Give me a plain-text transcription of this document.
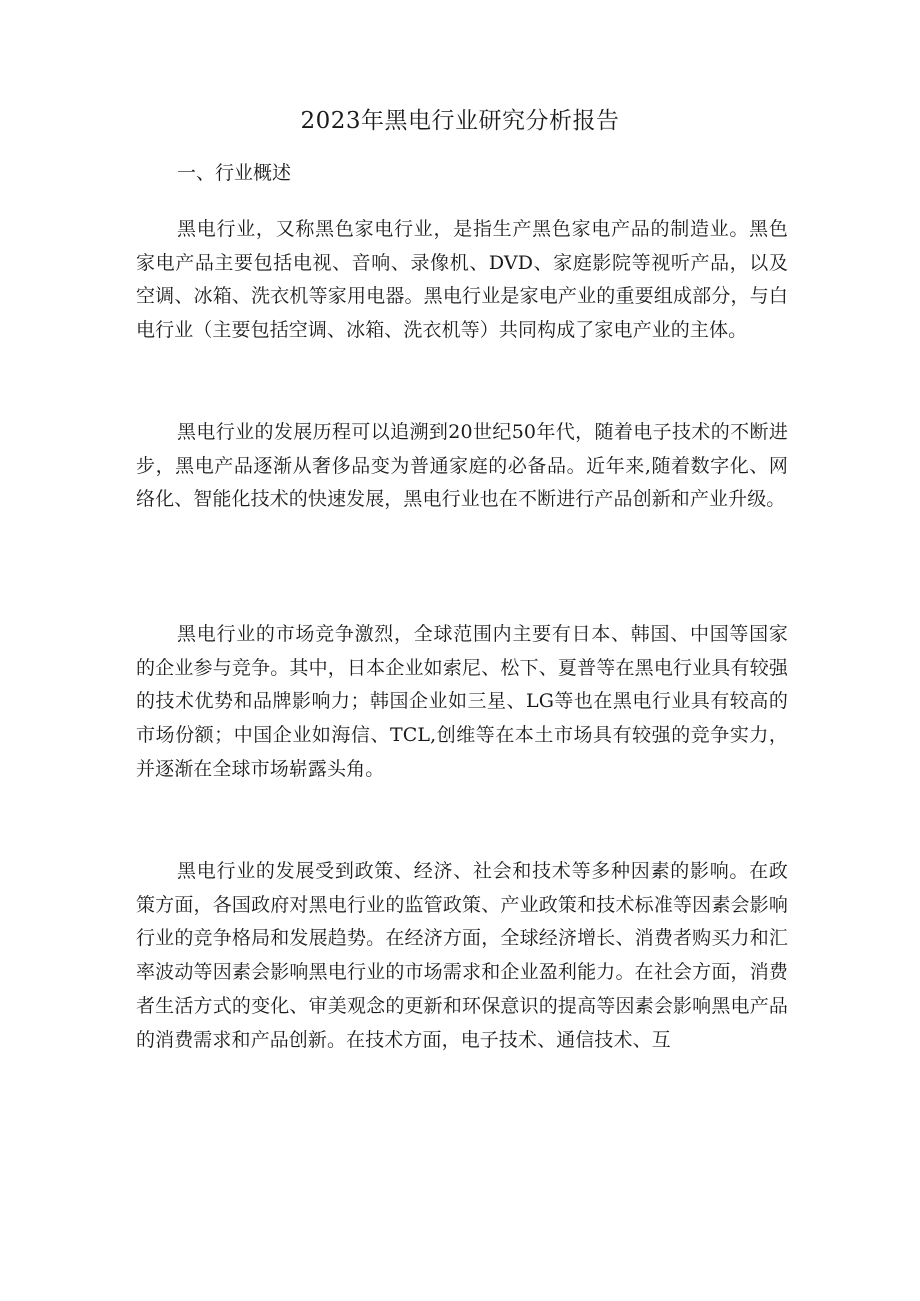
2023年黑电行业研究分析报告
一、行业概述

黑电行业，又称黑色家电行业，是指生产黑色家电产品的制造业。黑色家电产品主要包括电视、音响、录像机、DVD、家庭影院等视听产品，以及空调、冰箱、洗衣机等家用电器。黑电行业是家电产业的重要组成部分，与白电行业（主要包括空调、冰箱、洗衣机等）共同构成了家电产业的主体。

黑电行业的发展历程可以追溯到20世纪50年代，随着电子技术的不断进步，黑电产品逐渐从奢侈品变为普通家庭的必备品。近年来,随着数字化、网络化、智能化技术的快速发展，黑电行业也在不断进行产品创新和产业升级。

黑电行业的市场竞争激烈，全球范围内主要有日本、韩国、中国等国家的企业参与竞争。其中，日本企业如索尼、松下、夏普等在黑电行业具有较强的技术优势和品牌影响力；韩国企业如三星、LG等也在黑电行业具有较高的市场份额；中国企业如海信、TCL,创维等在本土市场具有较强的竞争实力，并逐渐在全球市场崭露头角。

黑电行业的发展受到政策、经济、社会和技术等多种因素的影响。在政策方面，各国政府对黑电行业的监管政策、产业政策和技术标准等因素会影响行业的竞争格局和发展趋势。在经济方面，全球经济增长、消费者购买力和汇率波动等因素会影响黑电行业的市场需求和企业盈利能力。在社会方面，消费者生活方式的变化、审美观念的更新和环保意识的提高等因素会影响黑电产品的消费需求和产品创新。在技术方面，电子技术、通信技术、互
